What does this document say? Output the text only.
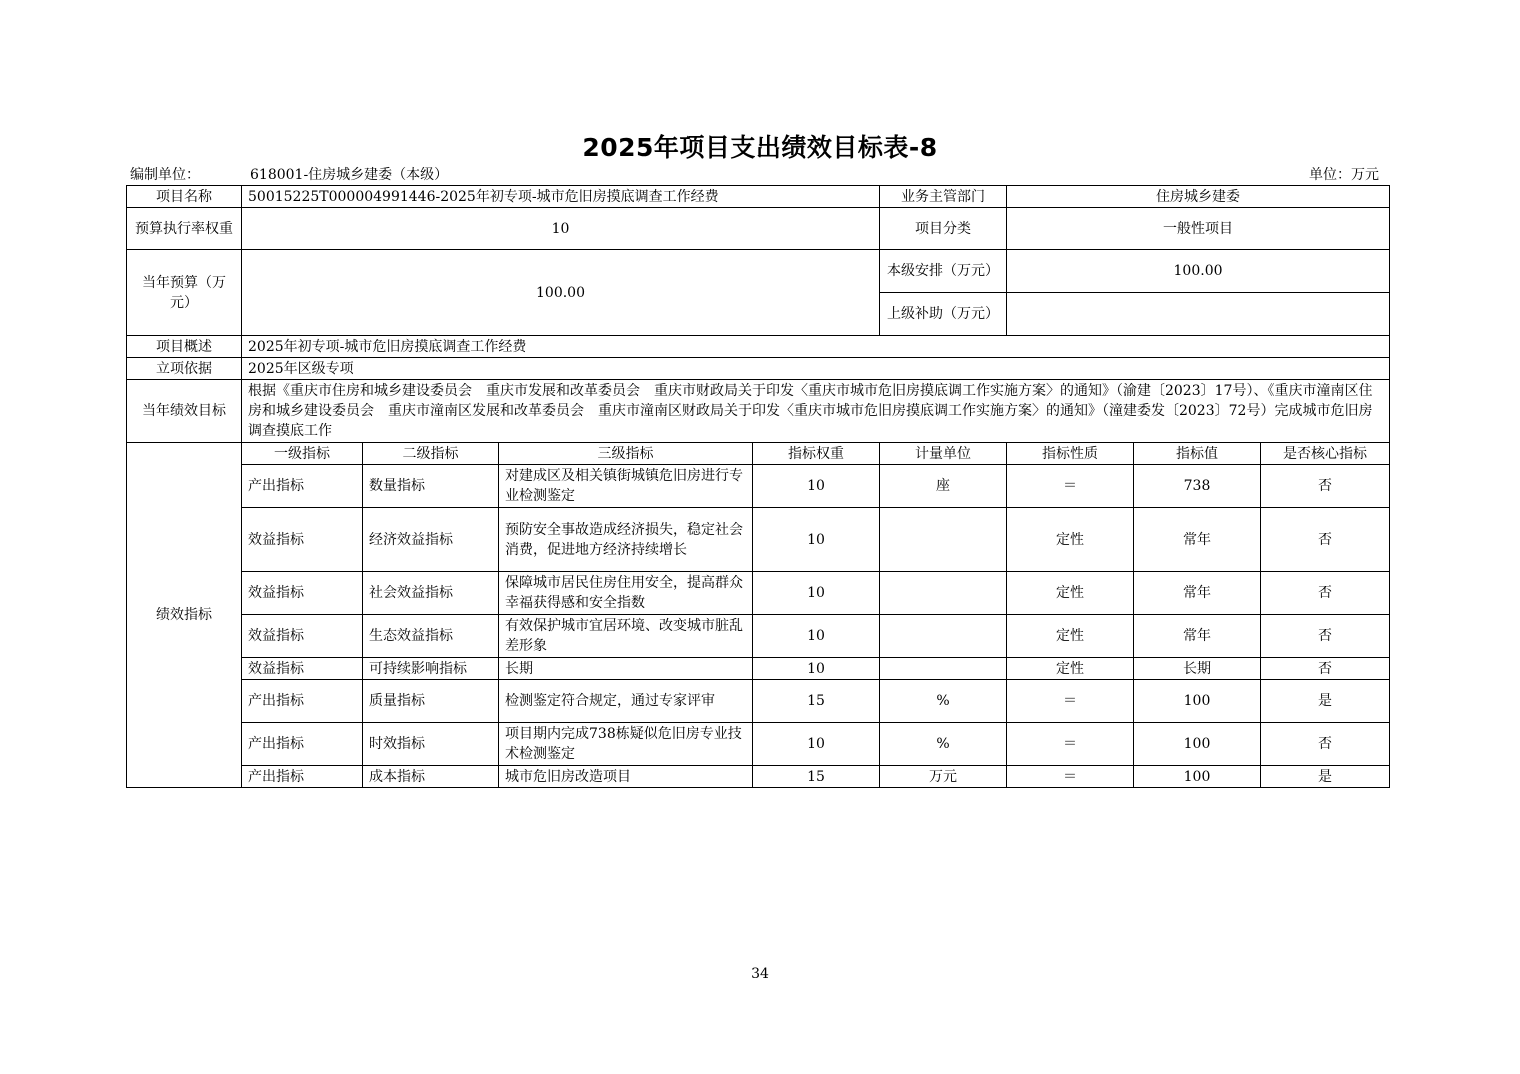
2025年项目支出绩效目标表-8
编制单位：	618001-住房城乡建委（本级）	单位：万元
项目名称	50015225T000004991446-2025年初专项-城市危旧房摸底调查工作经费				业务主管部门	住房城乡建委		
预算执行率权重	10				项目分类	一般性项目		
当年预算（万元）	100.00				本级安排（万元）	100.00		
					上级补助（万元）			
项目概述	2025年初专项-城市危旧房摸底调查工作经费							
立项依据	2025年区级专项							
当年绩效目标	根据《重庆市住房和城乡建设委员会　重庆市发展和改革委员会　重庆市财政局关于印发〈重庆市城市危旧房摸底调工作实施方案〉的通知》（渝建〔2023〕17号）、《重庆市潼南区住房和城乡建设委员会　重庆市潼南区发展和改革委员会　重庆市潼南区财政局关于印发〈重庆市城市危旧房摸底调工作实施方案〉的通知》（潼建委发〔2023〕72号）完成城市危旧房调查摸底工作							
绩效指标	一级指标	二级指标	三级指标	指标权重	计量单位	指标性质	指标值	是否核心指标
	产出指标	数量指标	对建成区及相关镇街城镇危旧房进行专业检测鉴定	10	座	＝	738	否
	效益指标	经济效益指标	预防安全事故造成经济损失，稳定社会消费，促进地方经济持续增长	10		定性	常年	否
	效益指标	社会效益指标	保障城市居民住房住用安全，提高群众幸福获得感和安全指数	10		定性	常年	否
	效益指标	生态效益指标	有效保护城市宜居环境、改变城市脏乱差形象	10		定性	常年	否
	效益指标	可持续影响指标	长期	10		定性	长期	否
	产出指标	质量指标	检测鉴定符合规定，通过专家评审	15	%	＝	100	是
	产出指标	时效指标	项目期内完成738栋疑似危旧房专业技术检测鉴定	10	%	＝	100	否
	产出指标	成本指标	城市危旧房改造项目	15	万元	＝	100	是
34
